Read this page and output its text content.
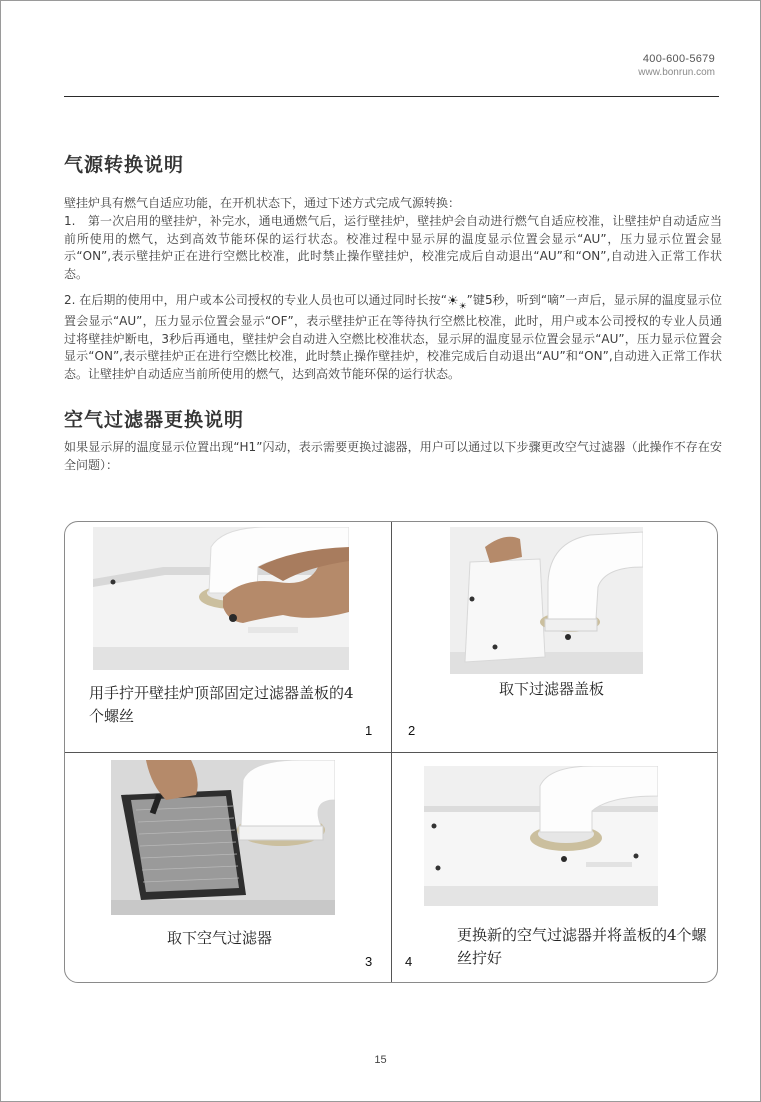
400-600-5679
www.bonrun.com
气源转换说明

壁挂炉具有燃气自适应功能，在开机状态下，通过下述方式完成气源转换：

1.　第一次启用的壁挂炉，补完水，通电通燃气后，运行壁挂炉，壁挂炉会自动进行燃气自适应校准，让壁挂炉自动适应当前所使用的燃气，达到高效节能环保的运行状态。校准过程中显示屏的温度显示位置会显示“AU”，压力显示位置会显示“ON”,表示壁挂炉正在进行空燃比校准，此时禁止操作壁挂炉，校准完成后自动退出“AU”和“ON”,自动进入正常工作状态。

2. 在后期的使用中，用户或本公司授权的专业人员也可以通过同时长按“$☀_☀$”键5秒，听到“嘀”一声后，显示屏的温度显示位置会显示“AU”，压力显示位置会显示“OF”，表示壁挂炉正在等待执行空燃比校准，此时，用户或本公司授权的专业人员通过将壁挂炉断电，3秒后再通电，壁挂炉会自动进入空燃比校准状态，显示屏的温度显示位置会显示“AU”，压力显示位置会显示“ON”,表示壁挂炉正在进行空燃比校准，此时禁止操作壁挂炉，校准完成后自动退出“AU”和“ON”,自动进入正常工作状态。让壁挂炉自动适应当前所使用的燃气，达到高效节能环保的运行状态。

空气过滤器更换说明

如果显示屏的温度显示位置出现“H1”闪动，表示需要更换过滤器，用户可以通过以下步骤更改空气过滤器（此操作不存在安全问题）：

用手拧开壁挂炉顶部固定过滤器盖板的4个螺丝

1

取下过滤器盖板

2

取下空气过滤器

3

更换新的空气过滤器并将盖板的4个螺丝拧好

4
15
